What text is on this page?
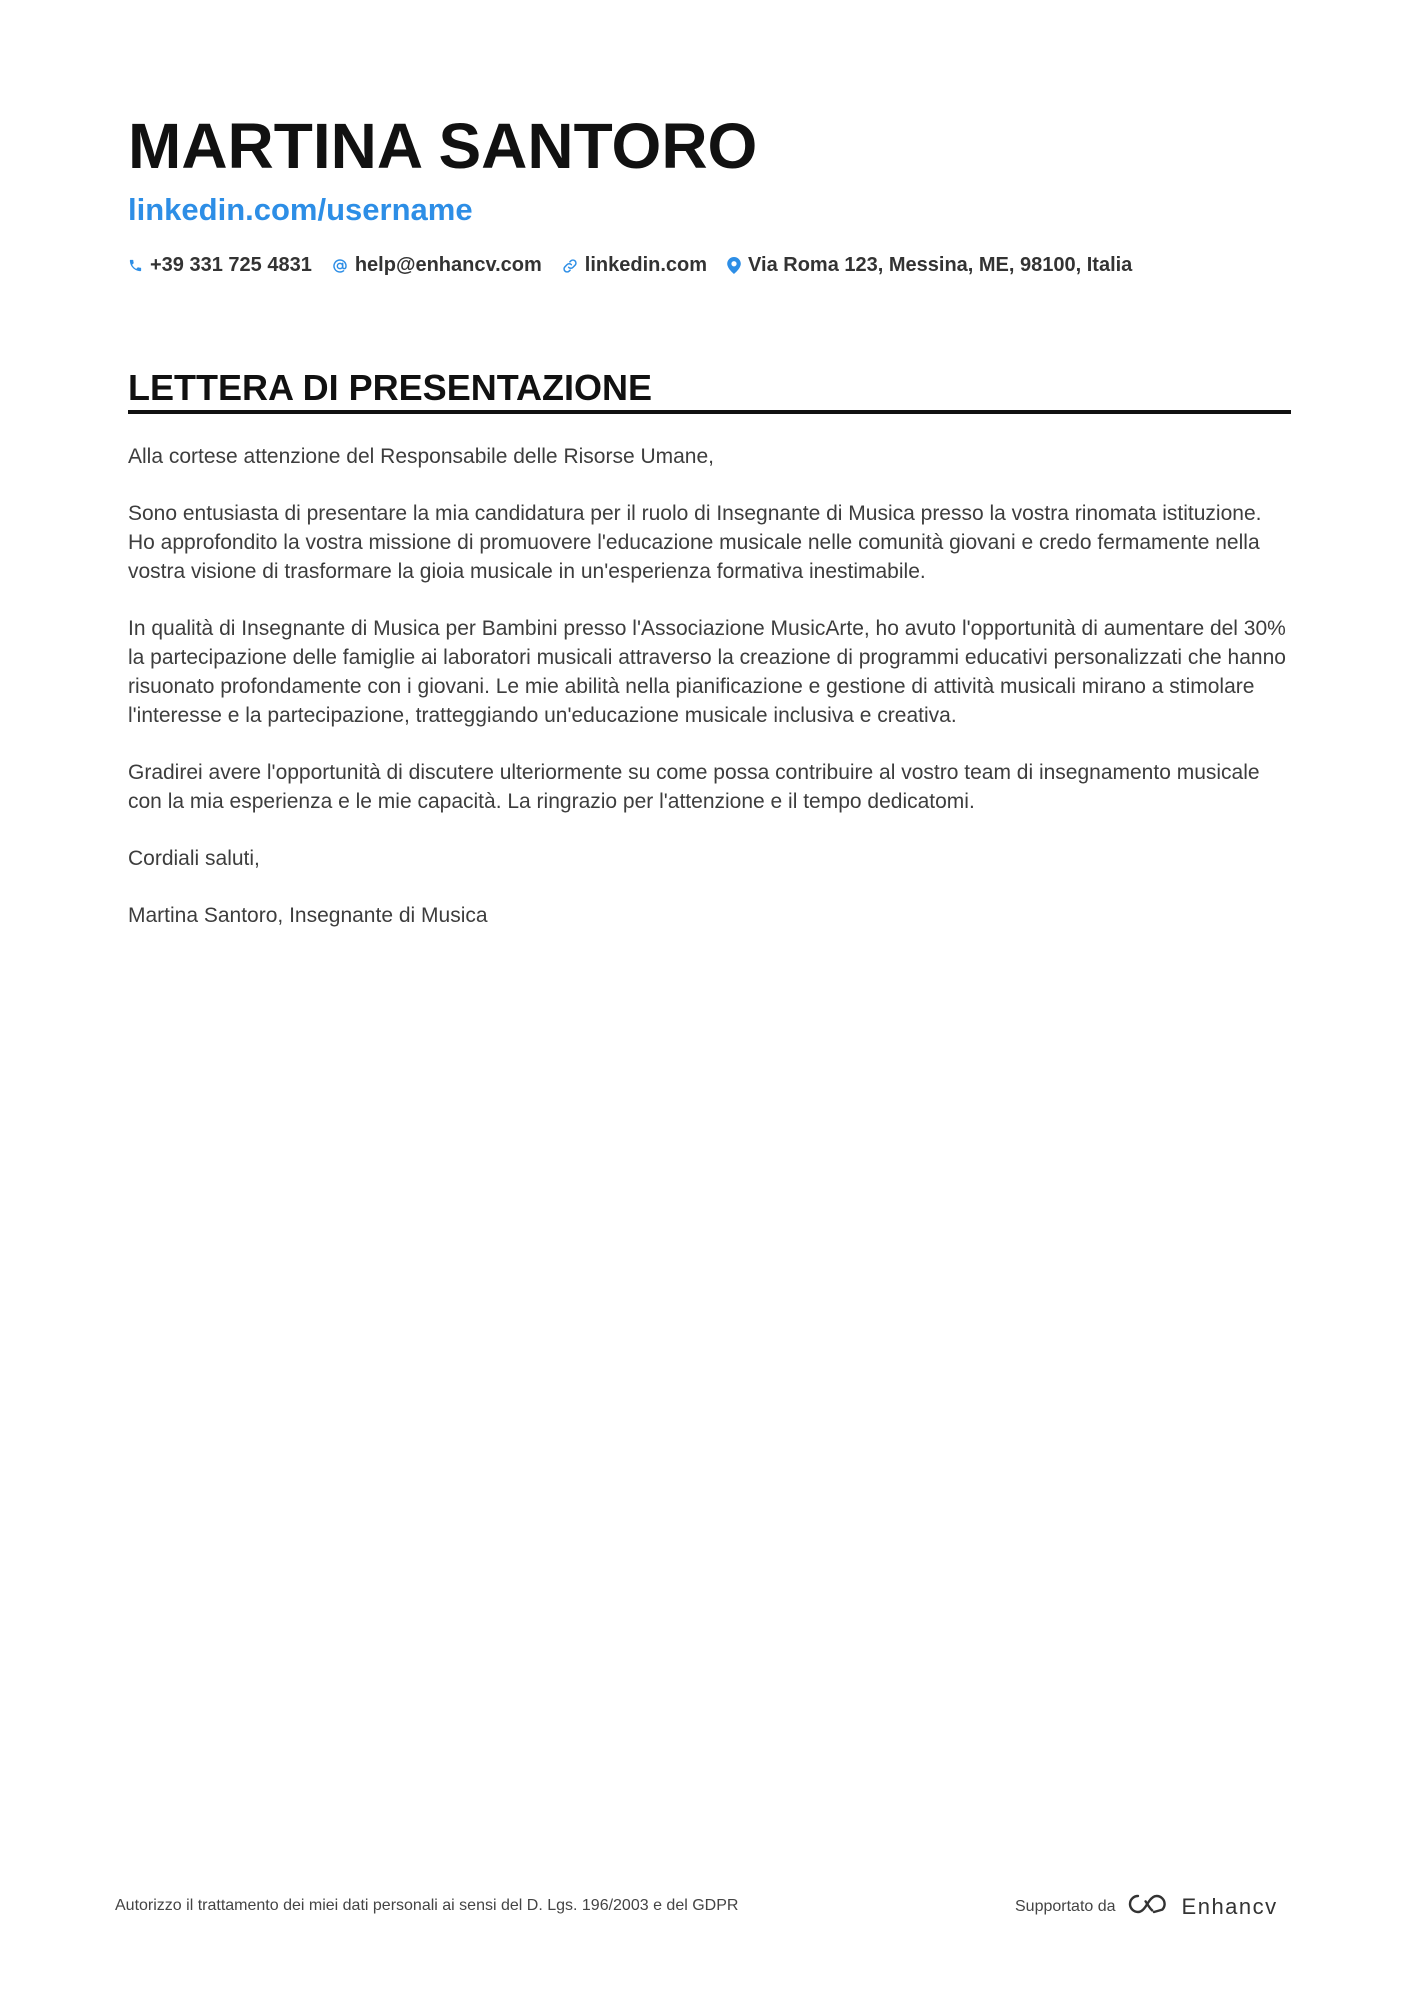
MARTINA SANTORO
linkedin.com/username
+39 331 725 4831 help@enhancv.com linkedin.com Via Roma 123, Messina, ME, 98100, Italia
LETTERA DI PRESENTAZIONE

Alla cortese attenzione del Responsabile delle Risorse Umane,

Sono entusiasta di presentare la mia candidatura per il ruolo di Insegnante di Musica presso la vostra rinomata istituzione. Ho approfondito la vostra missione di promuovere l'educazione musicale nelle comunità giovani e credo fermamente nella vostra visione di trasformare la gioia musicale in un'esperienza formativa inestimabile.

In qualità di Insegnante di Musica per Bambini presso l'Associazione MusicArte, ho avuto l'opportunità di aumentare del 30% la partecipazione delle famiglie ai laboratori musicali attraverso la creazione di programmi educativi personalizzati che hanno risuonato profondamente con i giovani. Le mie abilità nella pianificazione e gestione di attività musicali mirano a stimolare l'interesse e la partecipazione, tratteggiando un'educazione musicale inclusiva e creativa.

Gradirei avere l'opportunità di discutere ulteriormente su come possa contribuire al vostro team di insegnamento musicale con la mia esperienza e le mie capacità. La ringrazio per l'attenzione e il tempo dedicatomi.

Cordiali saluti,

Martina Santoro, Insegnante di Musica

Autorizzo il trattamento dei miei dati personali ai sensi del D. Lgs. 196/2003 e del GDPR	Supportato da	Enhancv
